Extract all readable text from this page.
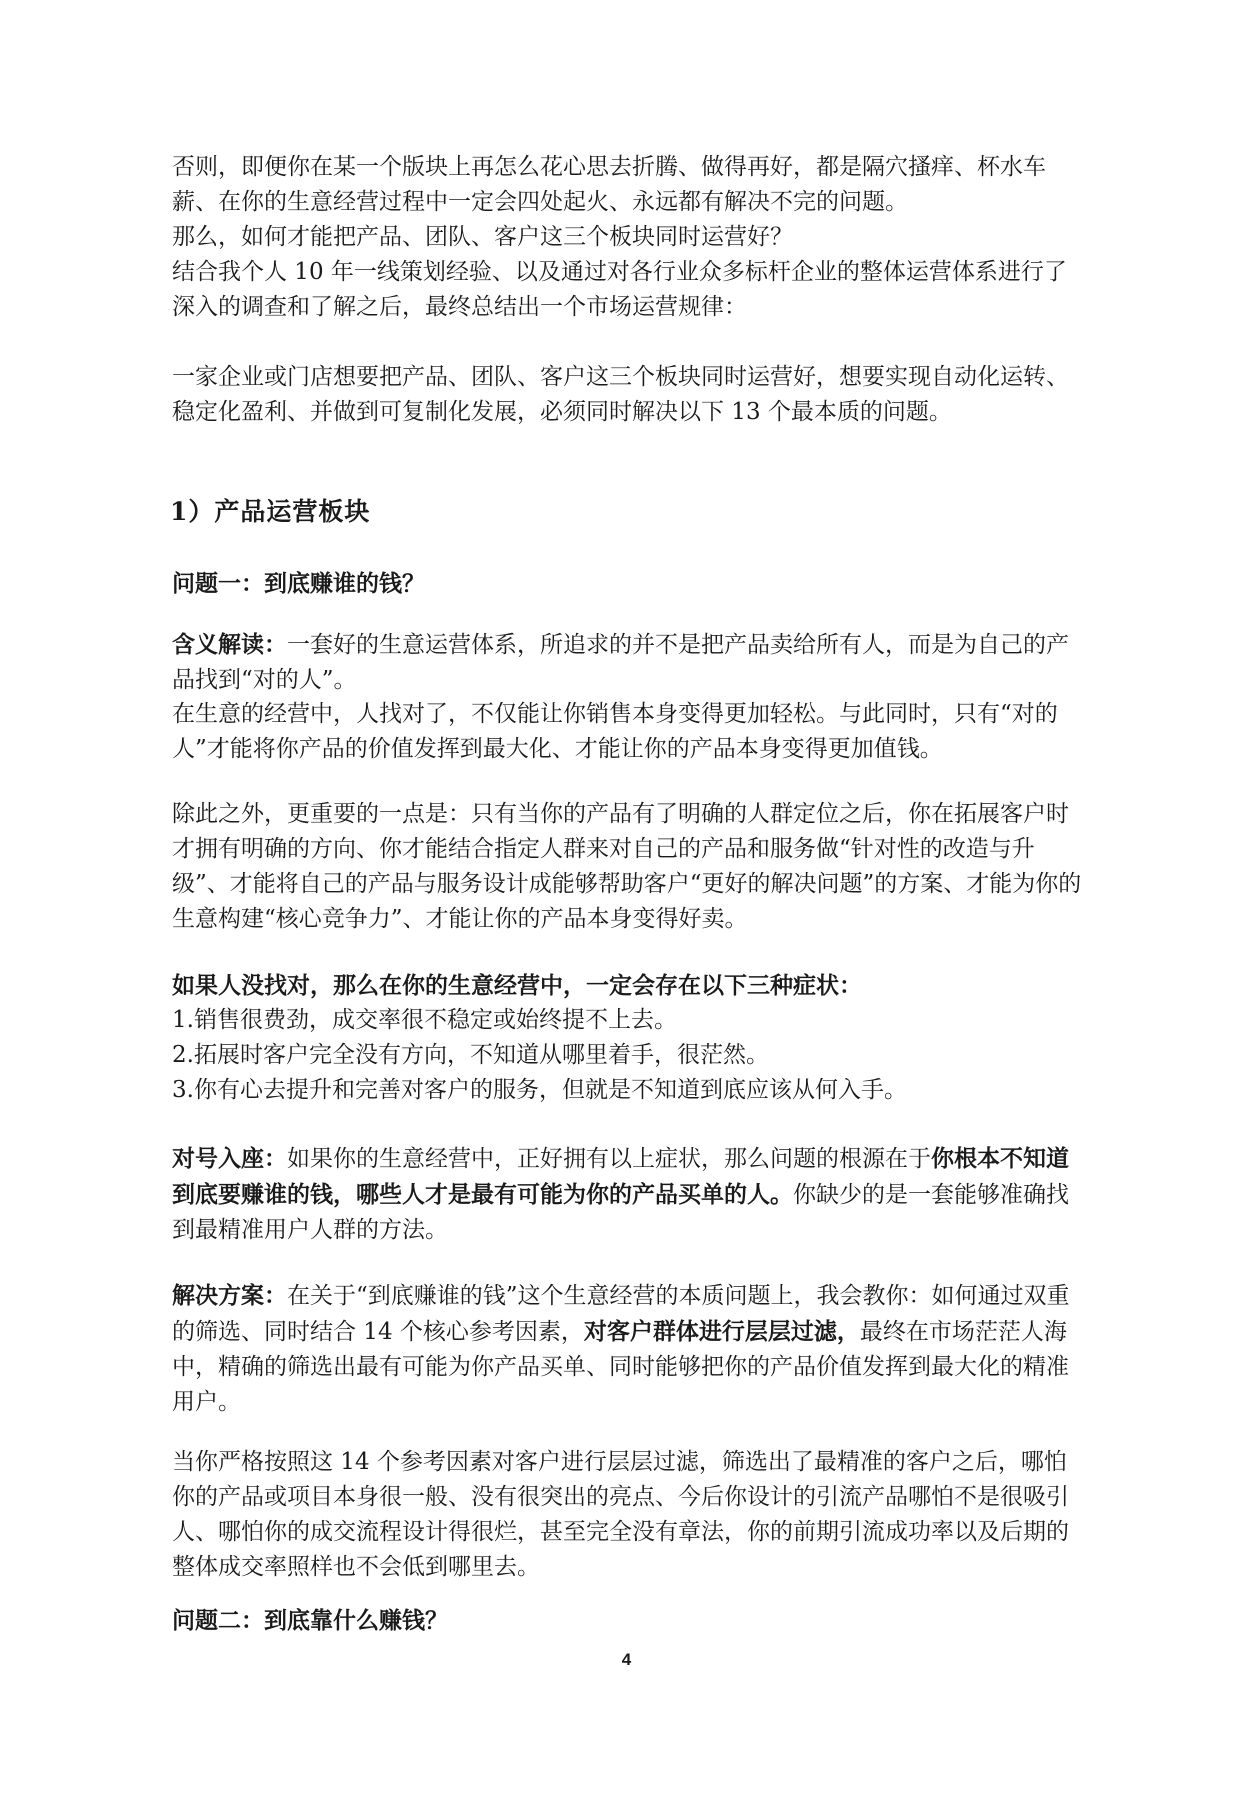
否则，即便你在某一个版块上再怎么花心思去折腾、做得再好，都是隔穴搔痒、杯水车薪、在你的生意经营过程中一定会四处起火、永远都有解决不完的问题。

那么，如何才能把产品、团队、客户这三个板块同时运营好？

结合我个人 10 年一线策划经验、以及通过对各行业众多标杆企业的整体运营体系进行了深入的调查和了解之后，最终总结出一个市场运营规律：

一家企业或门店想要把产品、团队、客户这三个板块同时运营好，想要实现自动化运转、稳定化盈利、并做到可复制化发展，必须同时解决以下 13 个最本质的问题。

1）产品运营板块
问题一：到底赚谁的钱？

含义解读：一套好的生意运营体系，所追求的并不是把产品卖给所有人，而是为自己的产品找到“对的人”。

在生意的经营中，人找对了，不仅能让你销售本身变得更加轻松。与此同时，只有“对的人”才能将你产品的价值发挥到最大化、才能让你的产品本身变得更加值钱。

除此之外，更重要的一点是：只有当你的产品有了明确的人群定位之后，你在拓展客户时才拥有明确的方向、你才能结合指定人群来对自己的产品和服务做“针对性的改造与升级”、才能将自己的产品与服务设计成能够帮助客户“更好的解决问题”的方案、才能为你的生意构建“核心竞争力”、才能让你的产品本身变得好卖。

如果人没找对，那么在你的生意经营中，一定会存在以下三种症状：

1.销售很费劲，成交率很不稳定或始终提不上去。

2.拓展时客户完全没有方向，不知道从哪里着手，很茫然。

3.你有心去提升和完善对客户的服务，但就是不知道到底应该从何入手。

对号入座：如果你的生意经营中，正好拥有以上症状，那么问题的根源在于你根本不知道到底要赚谁的钱，哪些人才是最有可能为你的产品买单的人。你缺少的是一套能够准确找到最精准用户人群的方法。

解决方案：在关于“到底赚谁的钱”这个生意经营的本质问题上，我会教你：如何通过双重的筛选、同时结合 14 个核心参考因素，对客户群体进行层层过滤，最终在市场茫茫人海中，精确的筛选出最有可能为你产品买单、同时能够把你的产品价值发挥到最大化的精准用户。

当你严格按照这 14 个参考因素对客户进行层层过滤，筛选出了最精准的客户之后，哪怕你的产品或项目本身很一般、没有很突出的亮点、今后你设计的引流产品哪怕不是很吸引人、哪怕你的成交流程设计得很烂，甚至完全没有章法，你的前期引流成功率以及后期的整体成交率照样也不会低到哪里去。

问题二：到底靠什么赚钱？
4
